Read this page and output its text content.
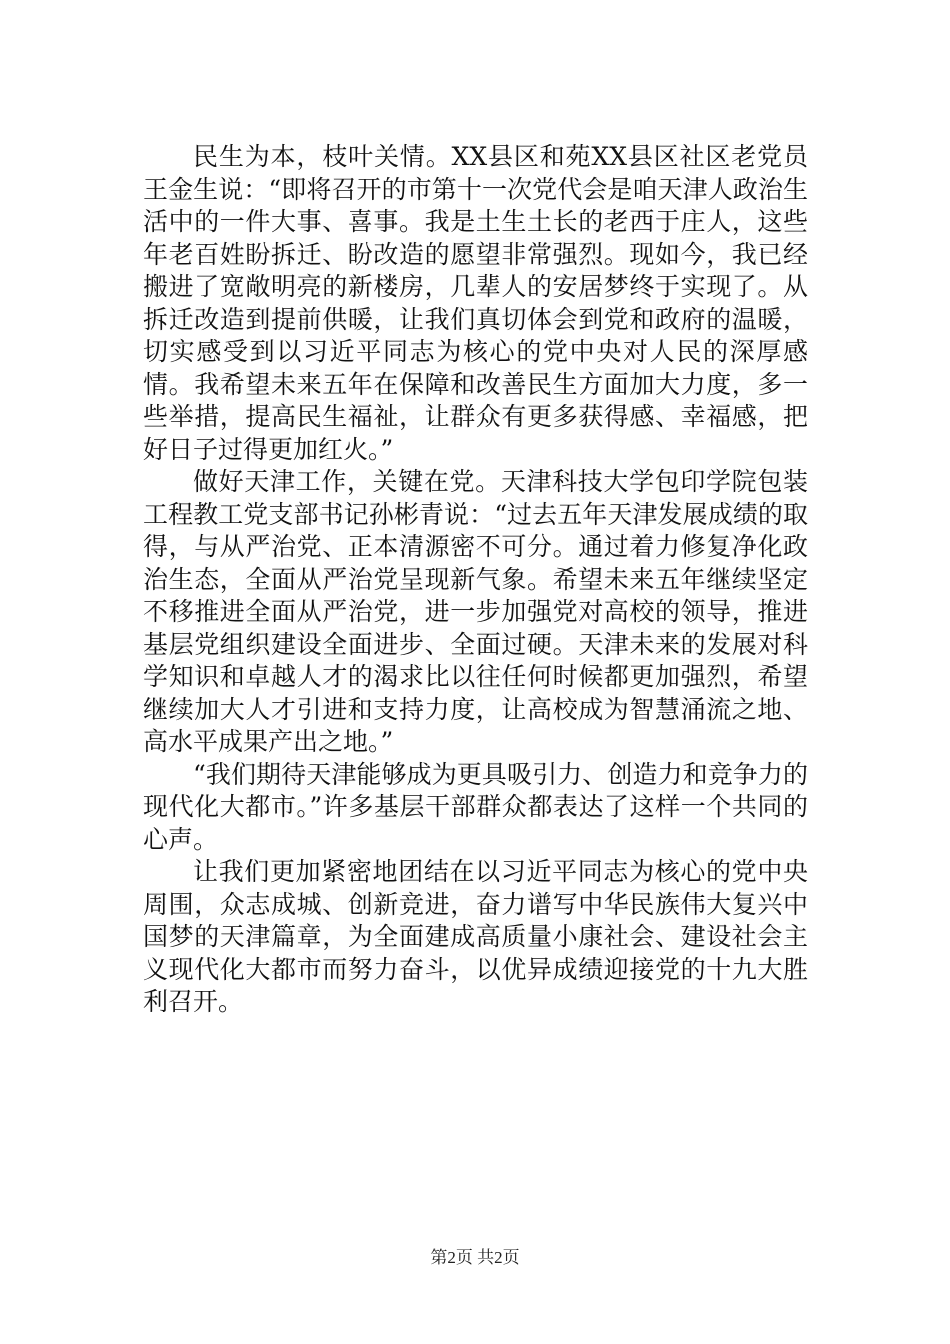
民生为本，枝叶关情。XX县区和苑XX县区社区老党员王金生说：“即将召开的市第十一次党代会是咱天津人政治生活中的一件大事、喜事。我是土生土长的老西于庄人，这些年老百姓盼拆迁、盼改造的愿望非常强烈。现如今，我已经搬进了宽敞明亮的新楼房，几辈人的安居梦终于实现了。从拆迁改造到提前供暖，让我们真切体会到党和政府的温暖，切实感受到以习近平同志为核心的党中央对人民的深厚感情。我希望未来五年在保障和改善民生方面加大力度，多一些举措，提高民生福祉，让群众有更多获得感、幸福感，把好日子过得更加红火。”

做好天津工作，关键在党。天津科技大学包印学院包装工程教工党支部书记孙彬青说：“过去五年天津发展成绩的取得，与从严治党、正本清源密不可分。通过着力修复净化政治生态，全面从严治党呈现新气象。希望未来五年继续坚定不移推进全面从严治党，进一步加强党对高校的领导，推进基层党组织建设全面进步、全面过硬。天津未来的发展对科学知识和卓越人才的渴求比以往任何时候都更加强烈，希望继续加大人才引进和支持力度，让高校成为智慧涌流之地、高水平成果产出之地。”

“我们期待天津能够成为更具吸引力、创造力和竞争力的现代化大都市。”许多基层干部群众都表达了这样一个共同的心声。

让我们更加紧密地团结在以习近平同志为核心的党中央周围，众志成城、创新竞进，奋力谱写中华民族伟大复兴中国梦的天津篇章，为全面建成高质量小康社会、建设社会主义现代化大都市而努力奋斗，以优异成绩迎接党的十九大胜利召开。

第2页 共2页
